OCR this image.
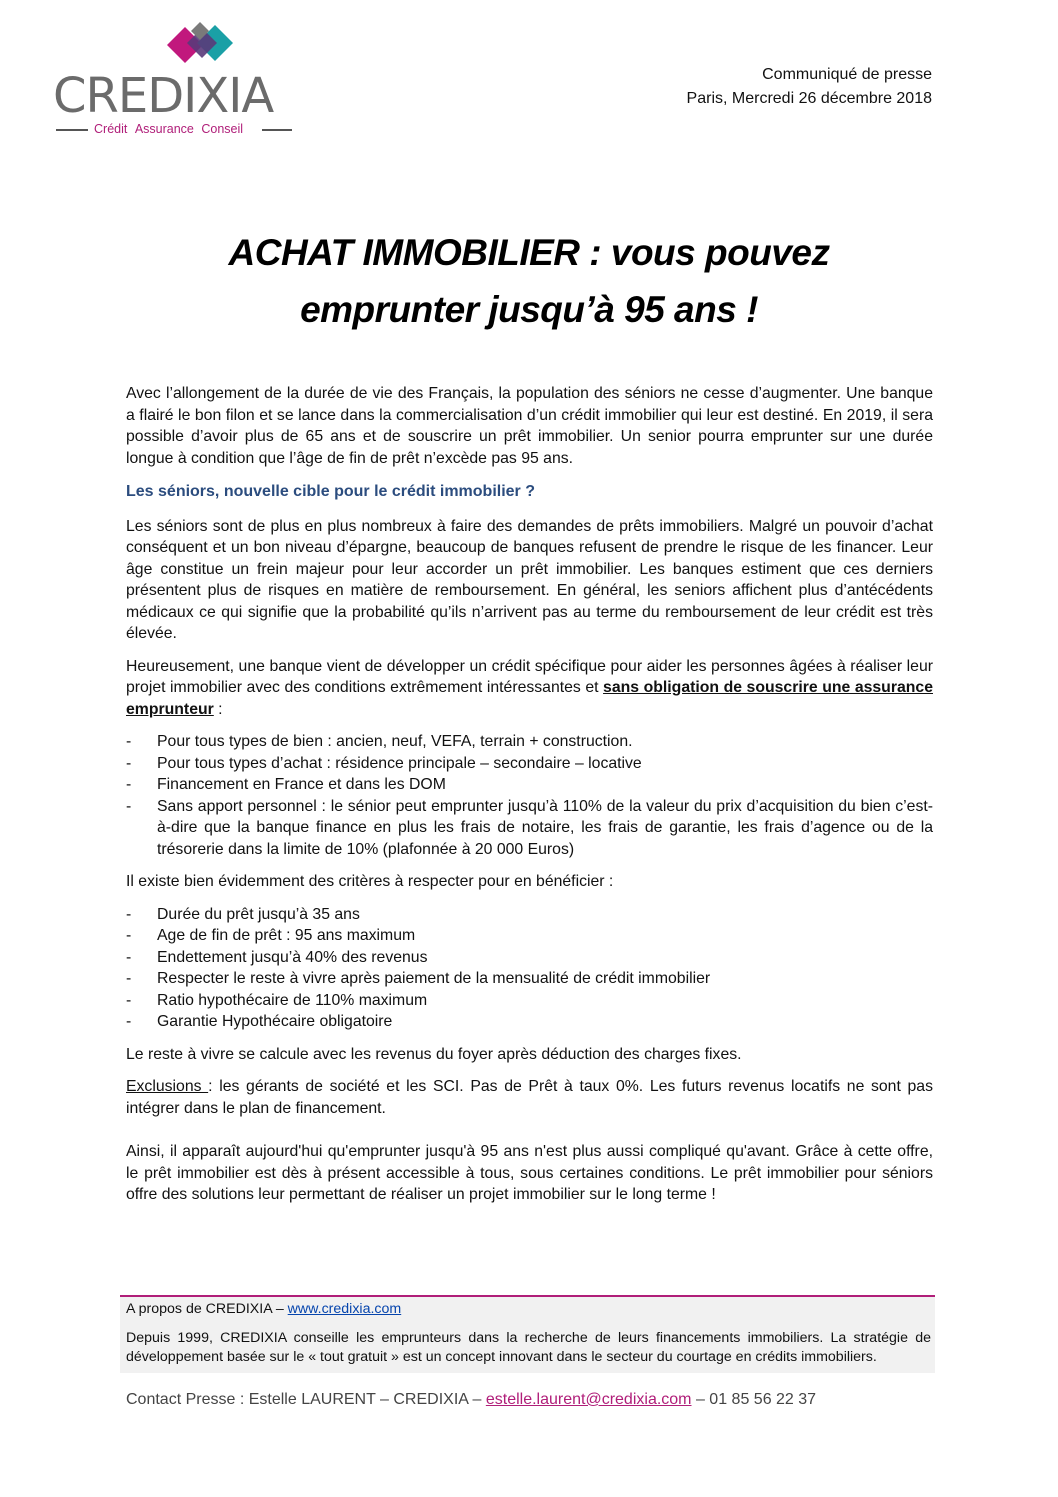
CREDIXIA
Crédit Assurance Conseil
Communiqué de presse
Paris, Mercredi 26 décembre 2018
ACHAT IMMOBILIER : vous pouvez
emprunter jusqu’à 95 ans !

Avec l’allongement de la durée de vie des Français, la population des séniors ne cesse d’augmenter. Une banque a flairé le bon filon et se lance dans la commercialisation d’un crédit immobilier qui leur est destiné. En 2019, il sera possible d’avoir plus de 65 ans et de souscrire un prêt immobilier. Un senior pourra emprunter sur une durée longue à condition que l’âge de fin de prêt n’excède pas 95 ans.

Les séniors, nouvelle cible pour le crédit immobilier ?

Les séniors sont de plus en plus nombreux à faire des demandes de prêts immobiliers. Malgré un pouvoir d’achat conséquent et un bon niveau d’épargne, beaucoup de banques refusent de prendre le risque de les financer. Leur âge constitue un frein majeur pour leur accorder un prêt immobilier. Les banques estiment que ces derniers présentent plus de risques en matière de remboursement. En général, les seniors affichent plus d’antécédents médicaux ce qui signifie que la probabilité qu’ils n’arrivent pas au terme du remboursement de leur crédit est très élevée.

Heureusement, une banque vient de développer un crédit spécifique pour aider les personnes âgées à réaliser leur projet immobilier avec des conditions extrêmement intéressantes et sans obligation de souscrire une assurance emprunteur :

- Pour tous types de bien : ancien, neuf, VEFA, terrain + construction.
- Pour tous types d’achat : résidence principale – secondaire – locative
- Financement en France et dans les DOM
- Sans apport personnel : le sénior peut emprunter jusqu’à 110% de la valeur du prix d’acquisition du bien c’est-à-dire que la banque finance en plus les frais de notaire, les frais de garantie, les frais d’agence ou de la trésorerie dans la limite de 10% (plafonnée à 20 000 Euros)

Il existe bien évidemment des critères à respecter pour en bénéficier :

- Durée du prêt jusqu’à 35 ans
- Age de fin de prêt : 95 ans maximum
- Endettement jusqu’à 40% des revenus
- Respecter le reste à vivre après paiement de la mensualité de crédit immobilier
- Ratio hypothécaire de 110% maximum
- Garantie Hypothécaire obligatoire

Le reste à vivre se calcule avec les revenus du foyer après déduction des charges fixes.

Exclusions : les gérants de société et les SCI. Pas de Prêt à taux 0%. Les futurs revenus locatifs ne sont pas intégrer dans le plan de financement.

Ainsi, il apparaît aujourd'hui qu'emprunter jusqu'à 95 ans n'est plus aussi compliqué qu'avant. Grâce à cette offre, le prêt immobilier est dès à présent accessible à tous, sous certaines conditions. Le prêt immobilier pour séniors offre des solutions leur permettant de réaliser un projet immobilier sur le long terme !

A propos de CREDIXIA – www.credixia.com

Depuis 1999, CREDIXIA conseille les emprunteurs dans la recherche de leurs financements immobiliers. La stratégie de développement basée sur le « tout gratuit » est un concept innovant dans le secteur du courtage en crédits immobiliers.

Contact Presse : Estelle LAURENT – CREDIXIA – estelle.laurent@credixia.com – 01 85 56 22 37
